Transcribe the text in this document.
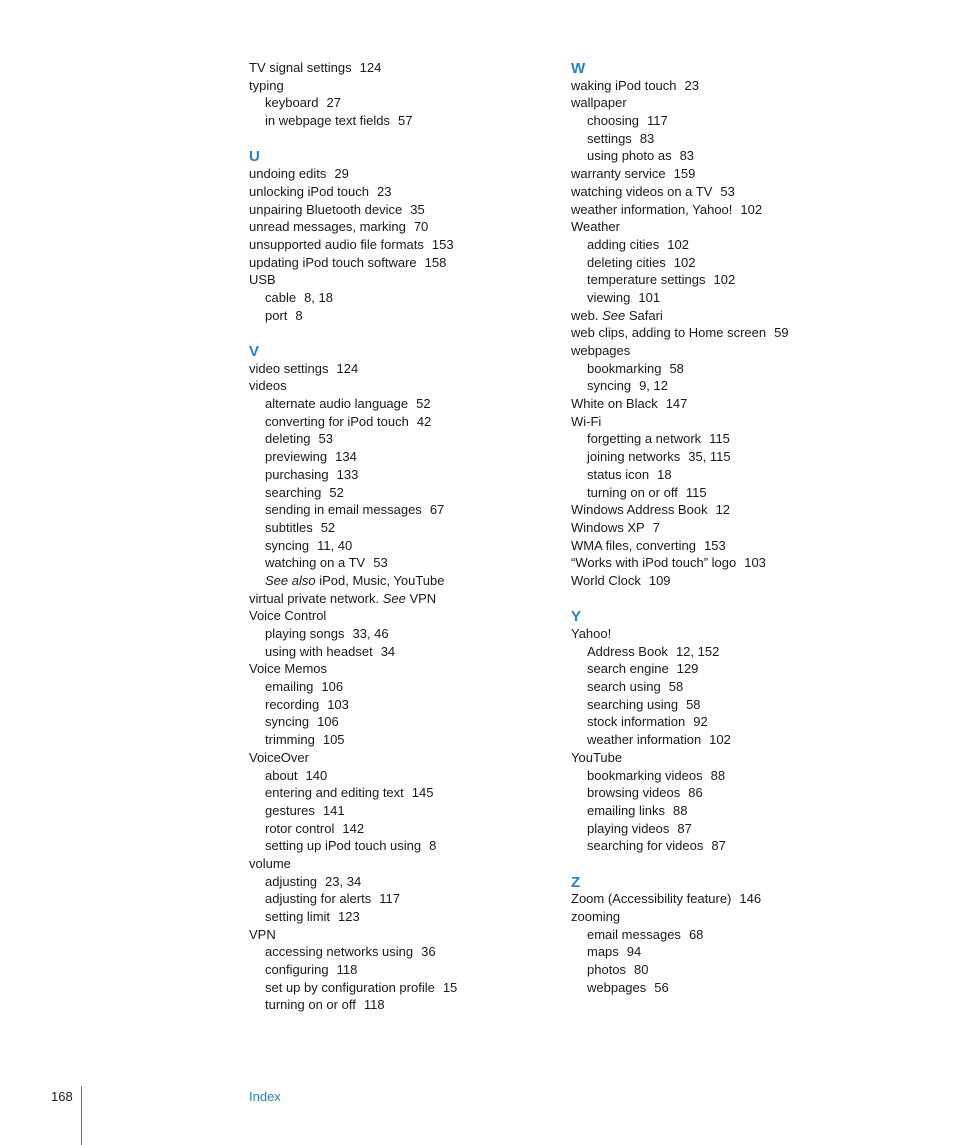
TV signal settings 124
typing
keyboard 27
in webpage text fields 57
U
undoing edits 29
unlocking iPod touch 23
unpairing Bluetooth device 35
unread messages, marking 70
unsupported audio file formats 153
updating iPod touch software 158
USB
cable 8, 18
port 8
V
video settings 124
videos
alternate audio language 52
converting for iPod touch 42
deleting 53
previewing 134
purchasing 133
searching 52
sending in email messages 67
subtitles 52
syncing 11, 40
watching on a TV 53
See also iPod, Music, YouTube
virtual private network. See VPN
Voice Control
playing songs 33, 46
using with headset 34
Voice Memos
emailing 106
recording 103
syncing 106
trimming 105
VoiceOver
about 140
entering and editing text 145
gestures 141
rotor control 142
setting up iPod touch using 8
volume
adjusting 23, 34
adjusting for alerts 117
setting limit 123
VPN
accessing networks using 36
configuring 118
set up by configuration profile 15
turning on or off 118
W
waking iPod touch 23
wallpaper
choosing 117
settings 83
using photo as 83
warranty service 159
watching videos on a TV 53
weather information, Yahoo! 102
Weather
adding cities 102
deleting cities 102
temperature settings 102
viewing 101
web. See Safari
web clips, adding to Home screen 59
webpages
bookmarking 58
syncing 9, 12
White on Black 147
Wi-Fi
forgetting a network 115
joining networks 35, 115
status icon 18
turning on or off 115
Windows Address Book 12
Windows XP 7
WMA files, converting 153
“Works with iPod touch” logo 103
World Clock 109
Y
Yahoo!
Address Book 12, 152
search engine 129
search using 58
searching using 58
stock information 92
weather information 102
YouTube
bookmarking videos 88
browsing videos 86
emailing links 88
playing videos 87
searching for videos 87
Z
Zoom (Accessibility feature) 146
zooming
email messages 68
maps 94
photos 80
webpages 56
168	Index
